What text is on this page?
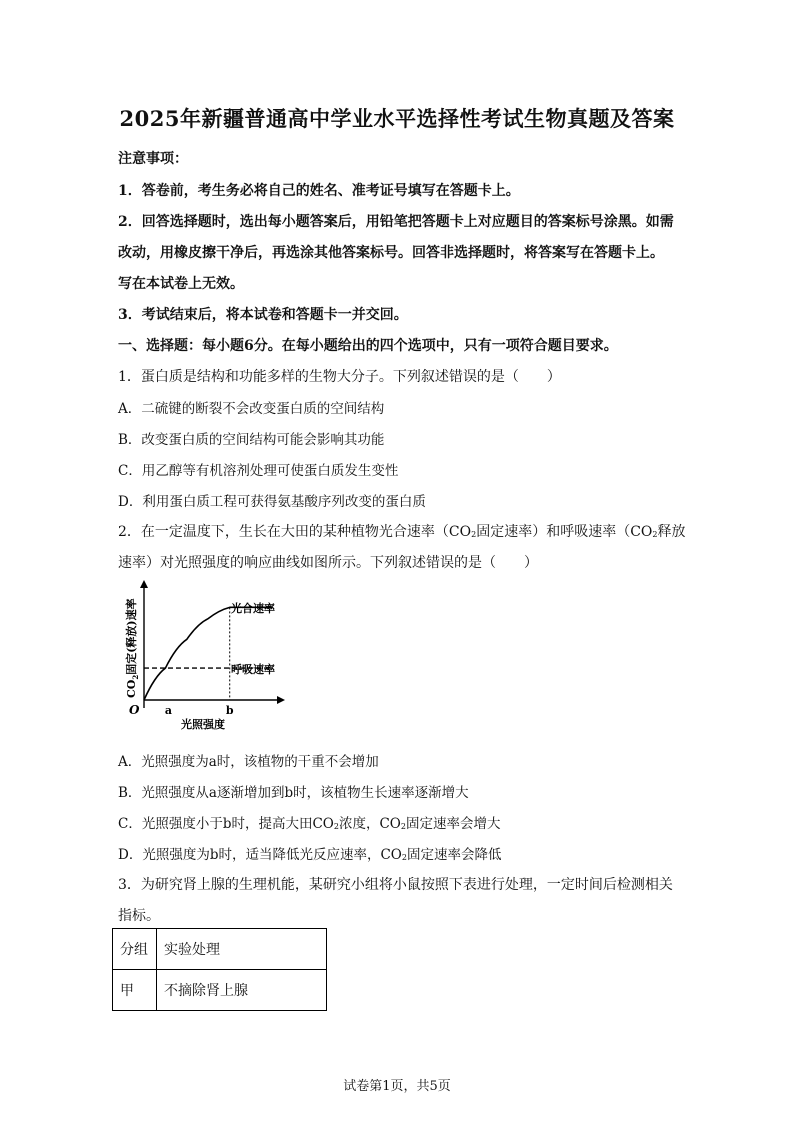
2025年新疆普通高中学业水平选择性考试生物真题及答案
注意事项：
1．答卷前，考生务必将自己的姓名、准考证号填写在答题卡上。
2．回答选择题时，选出每小题答案后，用铅笔把答题卡上对应题目的答案标号涂黑。如需
改动，用橡皮擦干净后，再选涂其他答案标号。回答非选择题时，将答案写在答题卡上。
写在本试卷上无效。
3．考试结束后，将本试卷和答题卡一并交回。
一、选择题：每小题6分。在每小题给出的四个选项中，只有一项符合题目要求。
1．蛋白质是结构和功能多样的生物大分子。下列叙述错误的是（　　）
A．二硫键的断裂不会改变蛋白质的空间结构
B．改变蛋白质的空间结构可能会影响其功能
C．用乙醇等有机溶剂处理可使蛋白质发生变性
D．利用蛋白质工程可获得氨基酸序列改变的蛋白质
2．在一定温度下，生长在大田的某种植物光合速率（CO2固定速率）和呼吸速率（CO2释放
速率）对光照强度的响应曲线如图所示。下列叙述错误的是（　　）
$CO_2$固定(释放)速率
O a	b
光照强度
光合速率
呼吸速率
A．光照强度为a时，该植物的干重不会增加
B．光照强度从a逐渐增加到b时，该植物生长速率逐渐增大
C．光照强度小于b时，提高大田CO2浓度，CO2固定速率会增大
D．光照强度为b时，适当降低光反应速率，CO2固定速率会降低
3．为研究肾上腺的生理机能，某研究小组将小鼠按照下表进行处理，一定时间后检测相关
指标。
分组	实验处理
甲	不摘除肾上腺
试卷第1页，共5页
